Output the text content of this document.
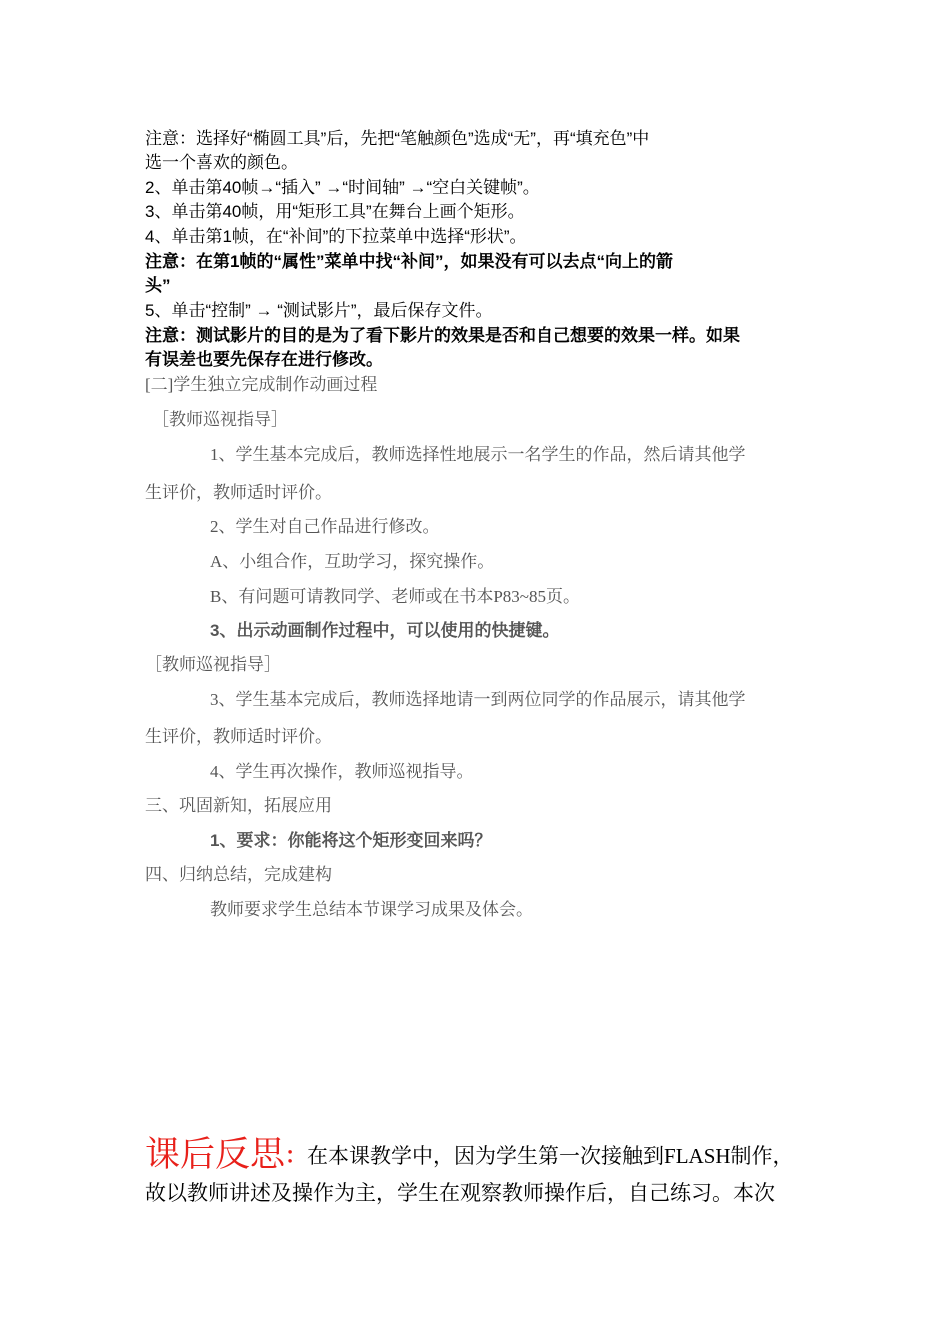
注意：选择好“椭圆工具”后，先把“笔触颜色”选成“无”，再“填充色”中
选一个喜欢的颜色。
2、单击第40帧→“插入” →“时间轴” →“空白关键帧”。
3、单击第40帧，用“矩形工具”在舞台上画个矩形。
4、单击第1帧，在“补间”的下拉菜单中选择“形状”。
注意：在第1帧的“属性”菜单中找“补间”，如果没有可以去点“向上的箭
头”
5、单击“控制” → “测试影片”，最后保存文件。
注意：测试影片的目的是为了看下影片的效果是否和自己想要的效果一样。如果
有误差也要先保存在进行修改。
[二]学生独立完成制作动画过程
［教师巡视指导］
1、学生基本完成后，教师选择性地展示一名学生的作品，然后请其他学
生评价，教师适时评价。
2、学生对自己作品进行修改。
A、小组合作，互助学习，探究操作。
B、有问题可请教同学、老师或在书本P83~85页。
3、出示动画制作过程中，可以使用的快捷键。
［教师巡视指导］
3、学生基本完成后，教师选择地请一到两位同学的作品展示，请其他学
生评价，教师适时评价。
4、学生再次操作，教师巡视指导。
三、巩固新知，拓展应用
1、要求：你能将这个矩形变回来吗？
四、归纳总结，完成建构
教师要求学生总结本节课学习成果及体会。
课后反思：在本课教学中，因为学生第一次接触到FLASH制作，
故以教师讲述及操作为主，学生在观察教师操作后，自己练习。本次
